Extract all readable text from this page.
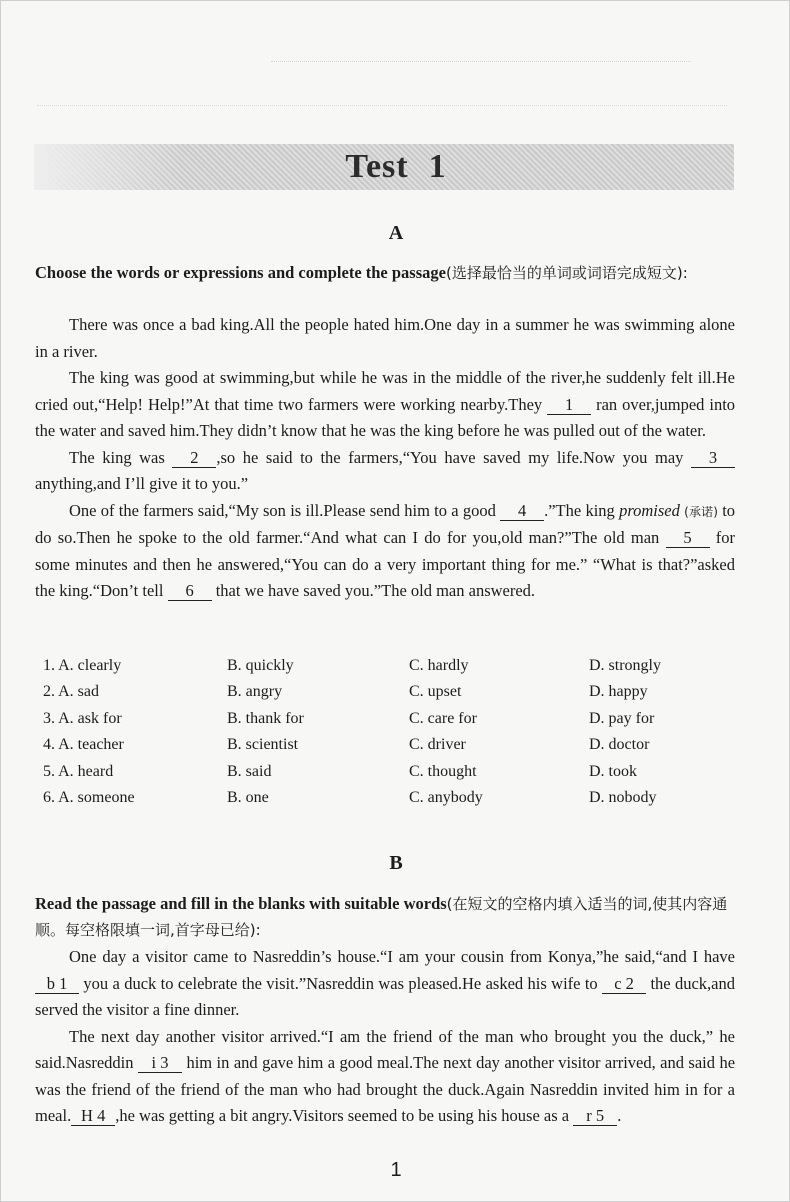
Test 1
A
Choose the words or expressions and complete the passage(选择最恰当的单词或词语完成短文):

There was once a bad king.All the people hated him.One day in a summer he was swimming alone in a river.

The king was good at swimming,but while he was in the middle of the river,he suddenly felt ill.He cried out,“Help! Help!”At that time two farmers were working nearby.They 1 ran over,jumped into the water and saved him.They didn’t know that he was the king before he was pulled out of the water.

The king was 2 ,so he said to the farmers,“You have saved my life.Now you may 3 anything,and I’ll give it to you.”

One of the farmers said,“My son is ill.Please send him to a good 4 .”The king promised (承诺) to do so.Then he spoke to the old farmer.“And what can I do for you,old man?”The old man 5 for some minutes and then he answered,“You can do a very important thing for me.” “What is that?”asked the king.“Don’t tell 6 that we have saved you.”The old man answered.

1. A. clearly	B. quickly	C. hardly	D. strongly
2. A. sad	B. angry	C. upset	D. happy
3. A. ask for	B. thank for	C. care for	D. pay for
4. A. teacher	B. scientist	C. driver	D. doctor
5. A. heard	B. said	C. thought	D. took
6. A. someone	B. one	C. anybody	D. nobody
B
Read the passage and fill in the blanks with suitable words(在短文的空格内填入适当的词,使其内容通顺。每空格限填一词,首字母已给):

One day a visitor came to Nasreddin’s house.“I am your cousin from Konya,”he said,“and I have b 1 you a duck to celebrate the visit.”Nasreddin was pleased.He asked his wife to c 2 the duck,and served the visitor a fine dinner.

The next day another visitor arrived.“I am the friend of the man who brought you the duck,” he said.Nasreddin i 3 him in and gave him a good meal.The next day another visitor arrived, and said he was the friend of the friend of the man who had brought the duck.Again Nasreddin invited him in for a meal. H 4 ,he was getting a bit angry.Visitors seemed to be using his house as a r 5 .

1
